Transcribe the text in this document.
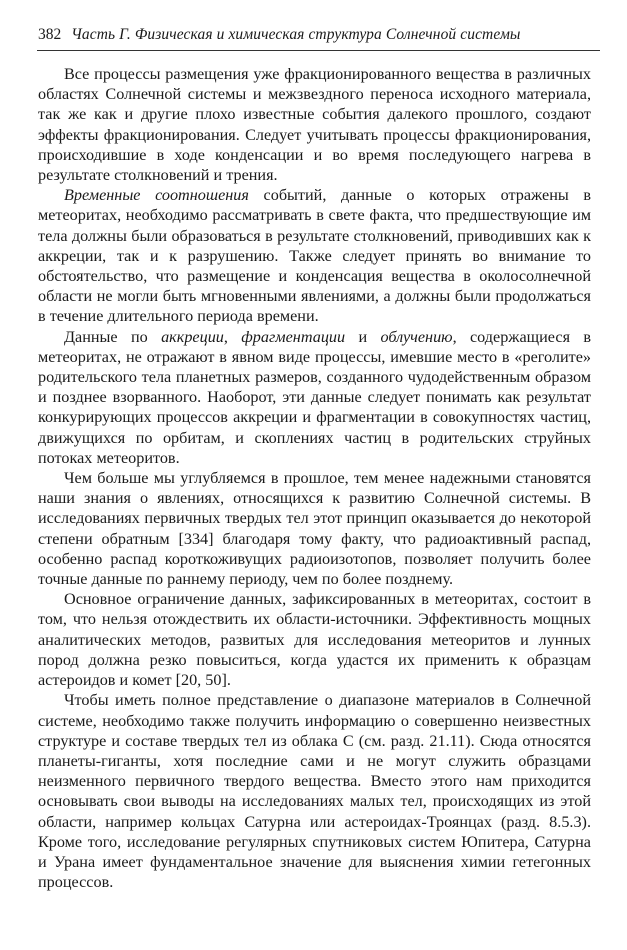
382 Часть Г. Физическая и химическая структура Солнечной системы

Все процессы размещения уже фракционированного вещества в различных областях Солнечной системы и межзвездного переноса исходного материала, так же как и другие плохо известные события далекого прошлого, создают эффекты фракционирования. Следует учитывать процессы фракционирования, происходившие в ходе конденсации и во время последующего нагрева в результате столкновений и трения.

Временные соотношения событий, данные о которых отражены в метеоритах, необходимо рассматривать в свете факта, что предшествующие им тела должны были образоваться в результате столкновений, приводивших как к аккреции, так и к разрушению. Также следует принять во внимание то обстоятельство, что размещение и конденсация вещества в околосолнечной области не могли быть мгновенными явлениями, а должны были продолжаться в течение длительного периода времени.

Данные по аккреции, фрагментации и облучению, содержащиеся в метеоритах, не отражают в явном виде процессы, имевшие место в «реголите» родительского тела планетных размеров, созданного чудодейственным образом и позднее взорванного. Наоборот, эти данные следует понимать как результат конкурирующих процессов аккреции и фрагментации в совокупностях частиц, движущихся по орбитам, и скоплениях частиц в родительских струйных потоках метеоритов.

Чем больше мы углубляемся в прошлое, тем менее надежными становятся наши знания о явлениях, относящихся к развитию Солнечной системы. В исследованиях первичных твердых тел этот принцип оказывается до некоторой степени обратным [334] благодаря тому факту, что радиоактивный распад, особенно распад короткоживущих радиоизотопов, позволяет получить более точные данные по раннему периоду, чем по более позднему.

Основное ограничение данных, зафиксированных в метеоритах, состоит в том, что нельзя отождествить их области-источники. Эффективность мощных аналитических методов, развитых для исследования метеоритов и лунных пород должна резко повыситься, когда удастся их применить к образцам астероидов и комет [20, 50].

Чтобы иметь полное представление о диапазоне материалов в Солнечной системе, необходимо также получить информацию о совершенно неизвестных структуре и составе твердых тел из облака С (см. разд. 21.11). Сюда относятся планеты-гиганты, хотя последние сами и не могут служить образцами неизменного первичного твердого вещества. Вместо этого нам приходится основывать свои выводы на исследованиях малых тел, происходящих из этой области, например кольцах Сатурна или астероидах-Троянцах (разд. 8.5.3). Кроме того, исследование регулярных спутниковых систем Юпитера, Сатурна и Урана имеет фундаментальное значение для выяснения химии гетегонных процессов.
